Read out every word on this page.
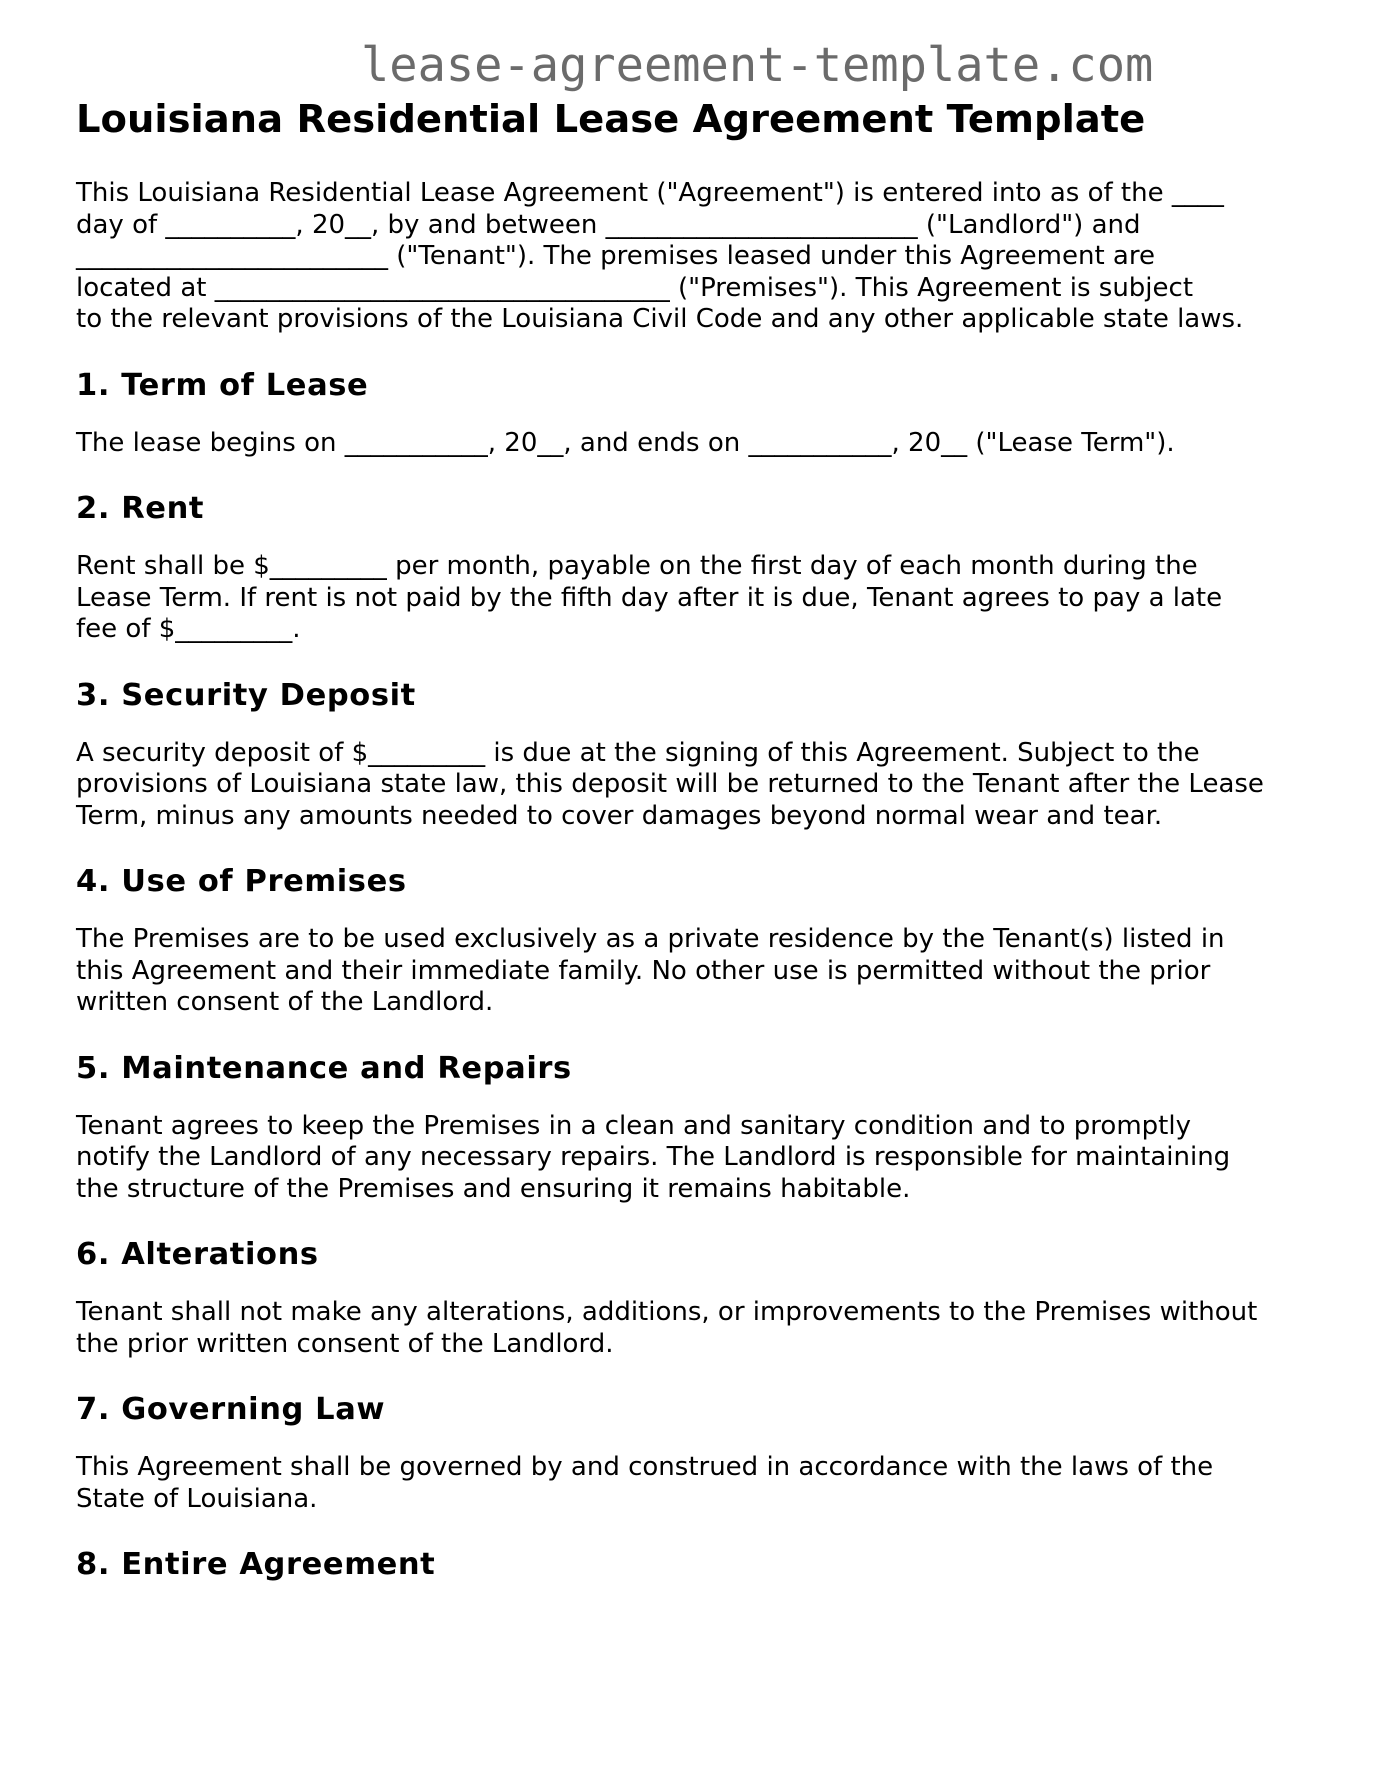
lease-agreement-template.com
Louisiana Residential Lease Agreement Template

This Louisiana Residential Lease Agreement ("Agreement") is entered into as of the ____
day of __________, 20__, by and between ________________________ ("Landlord") and
________________________ ("Tenant"). The premises leased under this Agreement are
located at ___________________________________ ("Premises"). This Agreement is subject
to the relevant provisions of the Louisiana Civil Code and any other applicable state laws.

1. Term of Lease

The lease begins on ___________, 20__, and ends on ___________, 20__ ("Lease Term").

2. Rent

Rent shall be $_________ per month, payable on the first day of each month during the
Lease Term. If rent is not paid by the fifth day after it is due, Tenant agrees to pay a late
fee of $_________.

3. Security Deposit

A security deposit of $_________ is due at the signing of this Agreement. Subject to the
provisions of Louisiana state law, this deposit will be returned to the Tenant after the Lease
Term, minus any amounts needed to cover damages beyond normal wear and tear.

4. Use of Premises

The Premises are to be used exclusively as a private residence by the Tenant(s) listed in
this Agreement and their immediate family. No other use is permitted without the prior
written consent of the Landlord.

5. Maintenance and Repairs

Tenant agrees to keep the Premises in a clean and sanitary condition and to promptly
notify the Landlord of any necessary repairs. The Landlord is responsible for maintaining
the structure of the Premises and ensuring it remains habitable.

6. Alterations

Tenant shall not make any alterations, additions, or improvements to the Premises without
the prior written consent of the Landlord.

7. Governing Law

This Agreement shall be governed by and construed in accordance with the laws of the
State of Louisiana.

8. Entire Agreement
